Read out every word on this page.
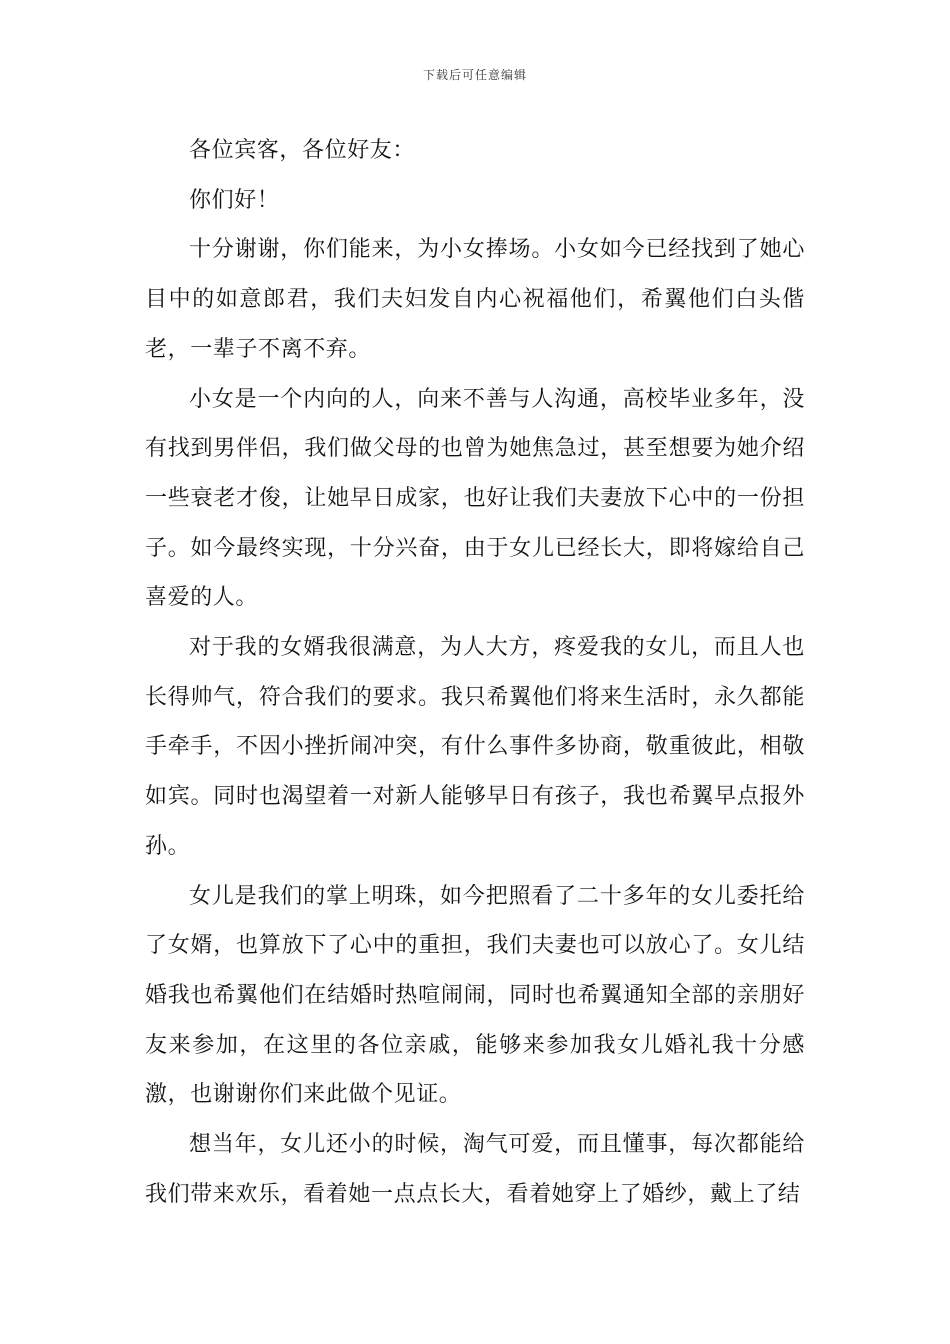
下载后可任意编辑

各位宾客，各位好友：

你们好！

十分谢谢，你们能来，为小女捧场。小女如今已经找到了她心目中的如意郎君，我们夫妇发自内心祝福他们，希翼他们白头偕老，一辈子不离不弃。

小女是一个内向的人，向来不善与人沟通，高校毕业多年，没有找到男伴侣，我们做父母的也曾为她焦急过，甚至想要为她介绍一些衰老才俊，让她早日成家，也好让我们夫妻放下心中的一份担子。如今最终实现，十分兴奋，由于女儿已经长大，即将嫁给自己喜爱的人。

对于我的女婿我很满意，为人大方，疼爱我的女儿，而且人也长得帅气，符合我们的要求。我只希翼他们将来生活时，永久都能手牵手，不因小挫折闹冲突，有什么事件多协商，敬重彼此，相敬如宾。同时也渴望着一对新人能够早日有孩子，我也希翼早点报外孙。

女儿是我们的掌上明珠，如今把照看了二十多年的女儿委托给了女婿，也算放下了心中的重担，我们夫妻也可以放心了。女儿结婚我也希翼他们在结婚时热喧闹闹，同时也希翼通知全部的亲朋好友来参加，在这里的各位亲戚，能够来参加我女儿婚礼我十分感激，也谢谢你们来此做个见证。

想当年，女儿还小的时候，淘气可爱，而且懂事，每次都能给我们带来欢乐，看着她一点点长大，看着她穿上了婚纱，戴上了结
